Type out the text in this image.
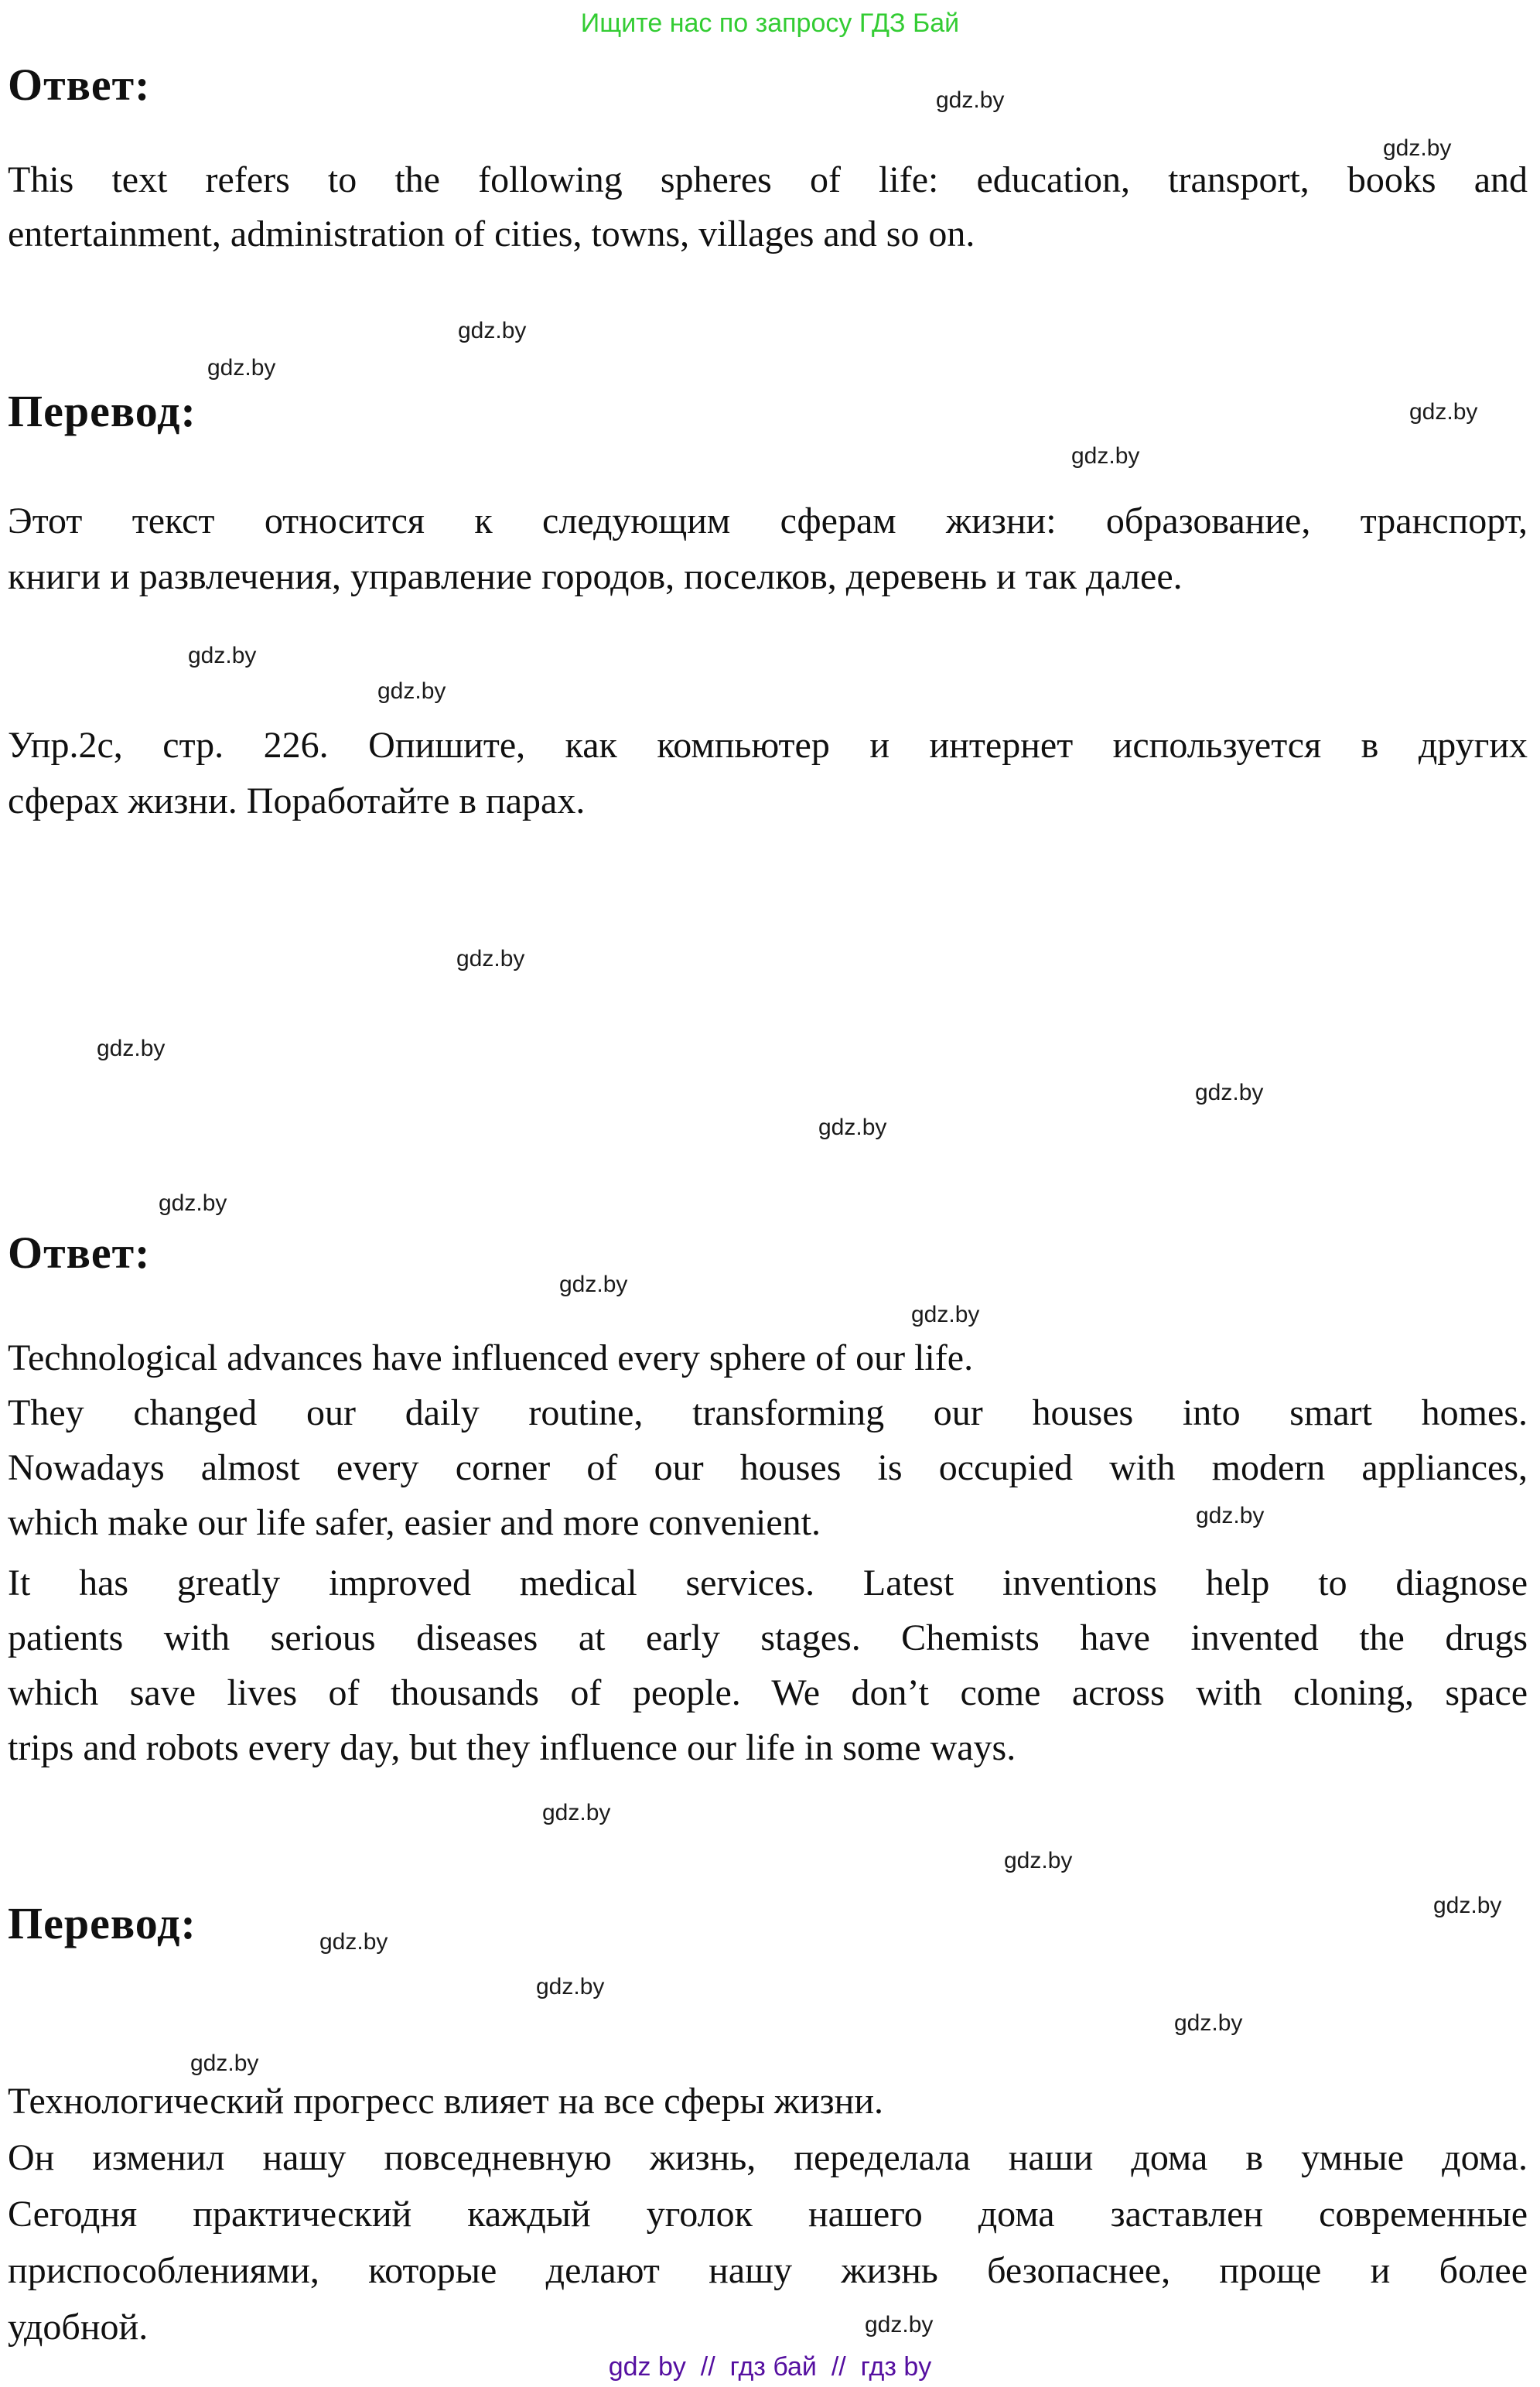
Ищите нас по запросу ГДЗ Бай
Ответ:
This text refers to the following spheres of life: education, transport, books and
entertainment, administration of cities, towns, villages and so on.
Перевод:
Этот текст относится к следующим сферам жизни: образование, транспорт,
книги и развлечения, управление городов, поселков, деревень и так далее.
Упр.2с, стр. 226. Опишите, как компьютер и интернет используется в других
сферах жизни. Поработайте в парах.
Ответ:
Technological advances have influenced every sphere of our life.
They changed our daily routine, transforming our houses into smart homes.
Nowadays almost every corner of our houses is occupied with modern appliances,
which make our life safer, easier and more convenient.
It has greatly improved medical services. Latest inventions help to diagnose
patients with serious diseases at early stages. Chemists have invented the drugs
which save lives of thousands of people. We don’t come across with cloning, space
trips and robots every day, but they influence our life in some ways.
Перевод:
Технологический прогресс влияет на все сферы жизни.
Он изменил нашу повседневную жизнь, переделала наши дома в умные дома.
Сегодня практический каждый уголок нашего дома заставлен современные
приспособлениями, которые делают нашу жизнь безопаснее, проще и более
удобной.
gdz by  //  гдз бай  //  гдз by
gdz.by
gdz.by
gdz.by
gdz.by
gdz.by
gdz.by
gdz.by
gdz.by
gdz.by
gdz.by
gdz.by
gdz.by
gdz.by
gdz.by
gdz.by
gdz.by
gdz.by
gdz.by
gdz.by
gdz.by
gdz.by
gdz.by
gdz.by
gdz.by
